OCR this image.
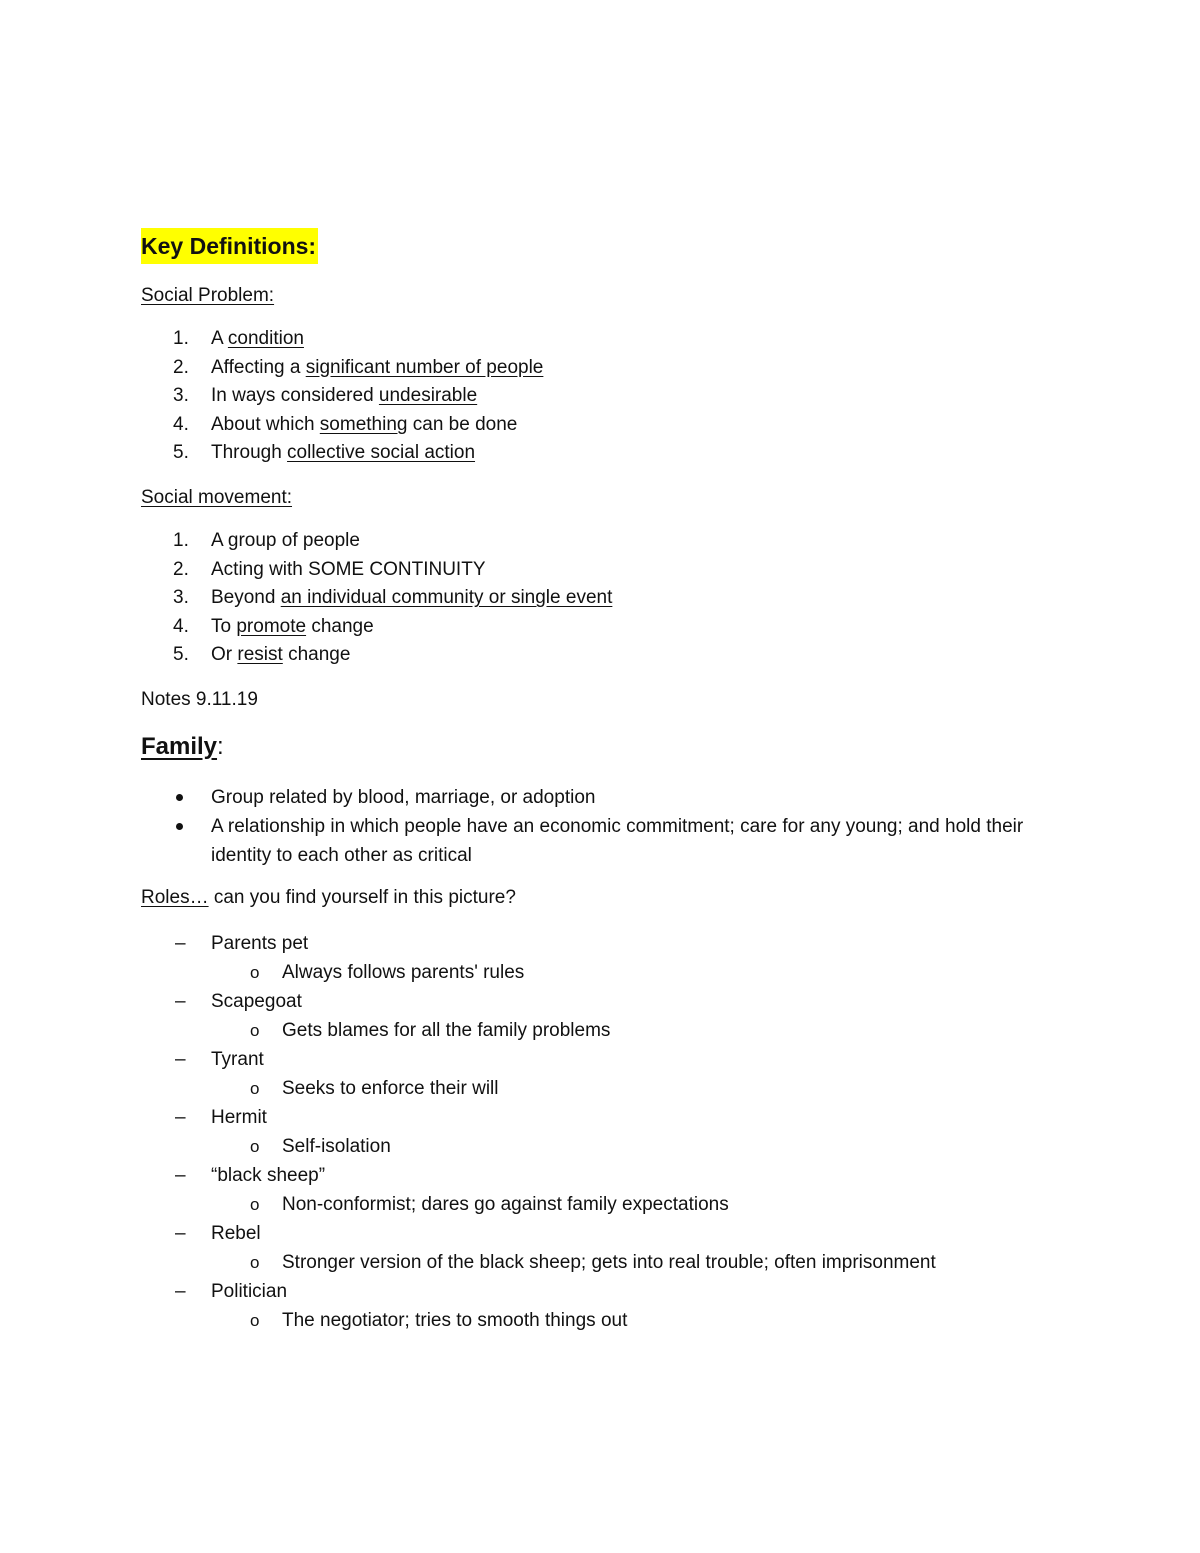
Key Definitions:
Social Problem:
1.	A condition
2.	Affecting a significant number of people
3.	In ways considered undesirable
4.	About which something can be done
5.	Through collective social action
Social movement:
1.	A group of people
2.	Acting with SOME CONTINUITY
3.	Beyond an individual community or single event
4.	To promote change
5.	Or resist change
Notes 9.11.19
Family:
Group related by blood, marriage, or adoption
A relationship in which people have an economic commitment; care for any young; and hold their identity to each other as critical
Roles… can you find yourself in this picture?
– Parents pet
o Always follows parents' rules
– Scapegoat
o Gets blames for all the family problems
– Tyrant
o Seeks to enforce their will
– Hermit
o Self-isolation
– “black sheep”
o Non-conformist; dares go against family expectations
– Rebel
o Stronger version of the black sheep; gets into real trouble; often imprisonment
– Politician
o The negotiator; tries to smooth things out
